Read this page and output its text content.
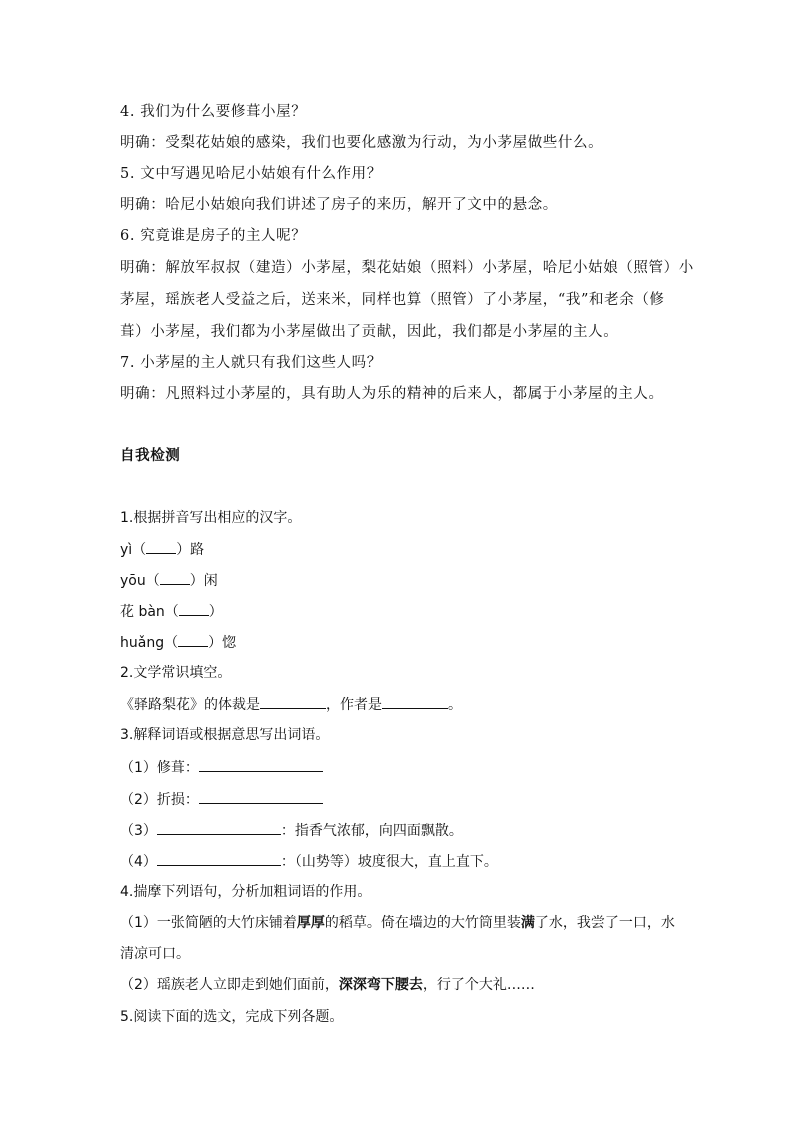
4. 我们为什么要修葺小屋？
明确：受梨花姑娘的感染，我们也要化感激为行动，为小茅屋做些什么。
5. 文中写遇见哈尼小姑娘有什么作用？
明确：哈尼小姑娘向我们讲述了房子的来历，解开了文中的悬念。
6. 究竟谁是房子的主人呢？
明确：解放军叔叔（建造）小茅屋，梨花姑娘（照料）小茅屋，哈尼小姑娘（照管）小
茅屋，瑶族老人受益之后，送来米，同样也算（照管）了小茅屋，“我”和老余（修
葺）小茅屋，我们都为小茅屋做出了贡献，因此，我们都是小茅屋的主人。
7. 小茅屋的主人就只有我们这些人吗？
明确：凡照料过小茅屋的，具有助人为乐的精神的后来人，都属于小茅屋的主人。
自我检测
1.根据拼音写出相应的汉字。
yì（ ）路
yōu（ ）闲
花 bàn（ ）
huǎng（ ）惚
2.文学常识填空。
《驿路梨花》的体裁是	，作者是	。
3.解释词语或根据意思写出词语。
（1）修葺：
（2）折损：
（3）	：指香气浓郁，向四面飘散。
（4）	：（山势等）坡度很大，直上直下。
4.揣摩下列语句，分析加粗词语的作用。
（1）一张简陋的大竹床铺着厚厚的稻草。倚在墙边的大竹筒里装满了水，我尝了一口，水
清凉可口。
（2）瑶族老人立即走到她们面前，深深弯下腰去，行了个大礼……
5.阅读下面的选文，完成下列各题。
